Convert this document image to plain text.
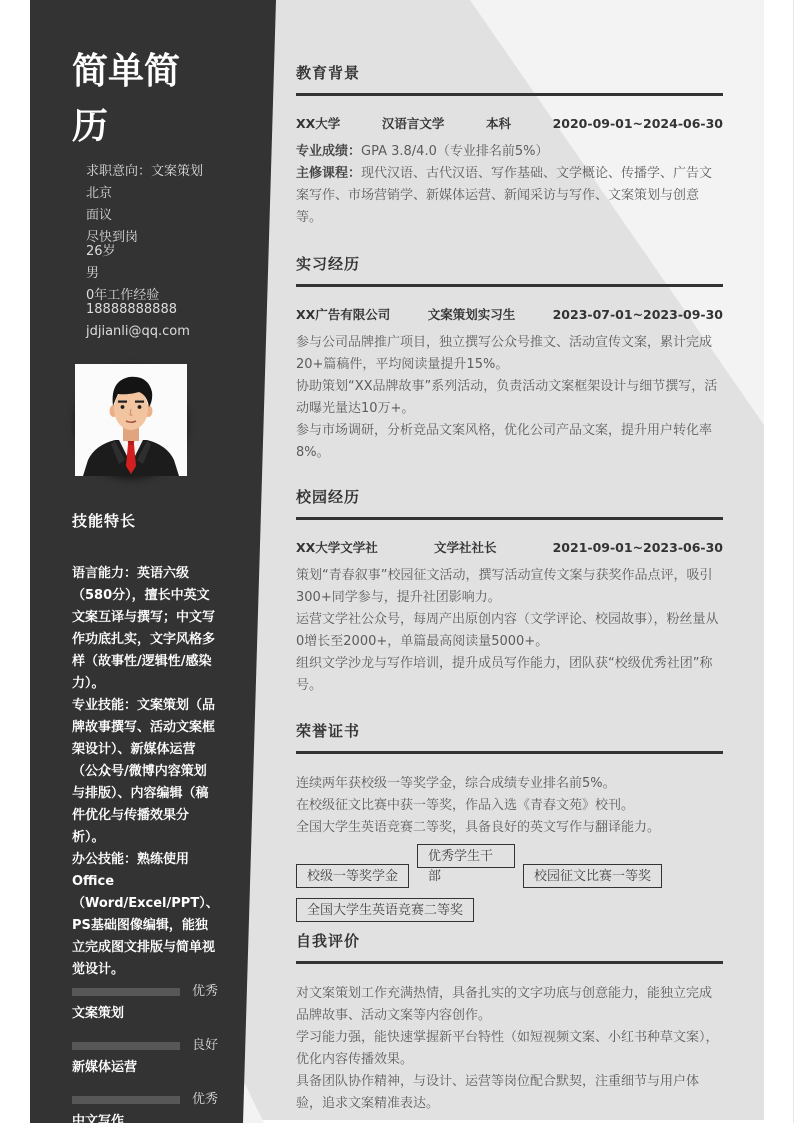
简单简历
求职意向：文案策划
北京
面议
尽快到岗
26岁
男
0年工作经验
18888888888
jdjianli@qq.com
技能特长

语言能力：英语六级（580分），擅长中英文文案互译与撰写；中文写作功底扎实，文字风格多样（故事性/逻辑性/感染力）。

专业技能：文案策划（品牌故事撰写、活动文案框架设计）、新媒体运营（公众号/微博内容策划与排版）、内容编辑（稿件优化与传播效果分析）。

办公技能：熟练使用Office（Word/Excel/PPT）、PS基础图像编辑，能独立完成图文排版与简单视觉设计。

优秀
文案策划
良好
新媒体运营
优秀
中文写作
教育背景
XX大学	汉语言文学	本科	2020-09-01~2024-06-30

专业成绩：GPA 3.8/4.0（专业排名前5%）

主修课程：现代汉语、古代汉语、写作基础、文学概论、传播学、广告文案写作、市场营销学、新媒体运营、新闻采访与写作、文案策划与创意等。

实习经历
XX广告有限公司	文案策划实习生	2023-07-01~2023-09-30

参与公司品牌推广项目，独立撰写公众号推文、活动宣传文案，累计完成20+篇稿件，平均阅读量提升15%。

协助策划“XX品牌故事”系列活动，负责活动文案框架设计与细节撰写，活动曝光量达10万+。

参与市场调研，分析竞品文案风格，优化公司产品文案，提升用户转化率8%。

校园经历
XX大学文学社	文学社社长	2021-09-01~2023-06-30

策划“青春叙事”校园征文活动，撰写活动宣传文案与获奖作品点评，吸引300+同学参与，提升社团影响力。

运营文学社公众号，每周产出原创内容（文学评论、校园故事），粉丝量从0增长至2000+，单篇最高阅读量5000+。

组织文学沙龙与写作培训，提升成员写作能力，团队获“校级优秀社团”称号。

荣誉证书

连续两年获校级一等奖学金，综合成绩专业排名前5%。

在校级征文比赛中获一等奖，作品入选《青春文苑》校刊。

全国大学生英语竞赛二等奖，具备良好的英文写作与翻译能力。

校级一等奖学金优秀学生干部	校园征文比赛一等奖全国大学生英语竞赛二等奖
自我评价

对文案策划工作充满热情，具备扎实的文字功底与创意能力，能独立完成品牌故事、活动文案等内容创作。

学习能力强，能快速掌握新平台特性（如短视频文案、小红书种草文案），优化内容传播效果。

具备团队协作精神，与设计、运营等岗位配合默契，注重细节与用户体验，追求文案精准表达。
